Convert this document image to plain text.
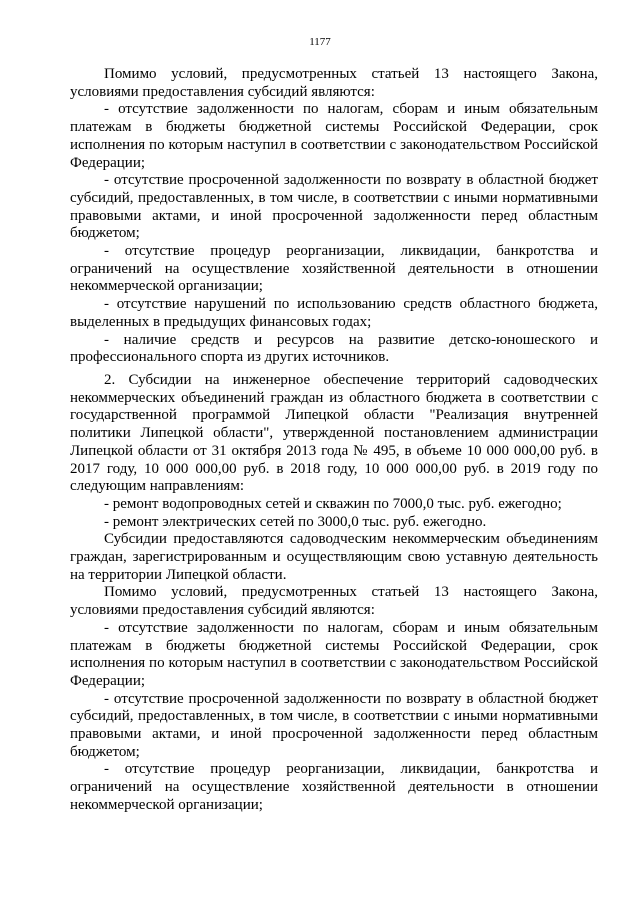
1177

Помимо условий, предусмотренных статьей 13 настоящего Закона, условиями предоставления субсидий являются:

- отсутствие задолженности по налогам, сборам и иным обязательным платежам в бюджеты бюджетной системы Российской Федерации, срок исполнения по которым наступил в соответствии с законодательством Российской Федерации;

- отсутствие просроченной задолженности по возврату в областной бюджет субсидий, предоставленных, в том числе, в соответствии с иными нормативными правовыми актами, и иной просроченной задолженности перед областным бюджетом;

- отсутствие процедур реорганизации, ликвидации, банкротства и ограничений на осуществление хозяйственной деятельности в отношении некоммерческой организации;

- отсутствие нарушений по использованию средств областного бюджета, выделенных в предыдущих финансовых годах;

- наличие средств и ресурсов на развитие детско-юношеского и профессионального спорта из других источников.

2. Субсидии на инженерное обеспечение территорий садоводческих некоммерческих объединений граждан из областного бюджета в соответствии с государственной программой Липецкой области "Реализация внутренней политики Липецкой области", утвержденной постановлением администрации Липецкой области от 31 октября 2013 года № 495, в объеме 10 000 000,00 руб. в 2017 году, 10 000 000,00 руб. в 2018 году, 10 000 000,00 руб. в 2019 году по следующим направлениям:

- ремонт водопроводных сетей и скважин по 7000,0 тыс. руб. ежегодно;

- ремонт электрических сетей по 3000,0 тыс. руб. ежегодно.

Субсидии предоставляются садоводческим некоммерческим объединениям граждан, зарегистрированным и осуществляющим свою уставную деятельность на территории Липецкой области.

Помимо условий, предусмотренных статьей 13 настоящего Закона, условиями предоставления субсидий являются:

- отсутствие задолженности по налогам, сборам и иным обязательным платежам в бюджеты бюджетной системы Российской Федерации, срок исполнения по которым наступил в соответствии с законодательством Российской Федерации;

- отсутствие просроченной задолженности по возврату в областной бюджет субсидий, предоставленных, в том числе, в соответствии с иными нормативными правовыми актами, и иной просроченной задолженности перед областным бюджетом;

- отсутствие процедур реорганизации, ликвидации, банкротства и ограничений на осуществление хозяйственной деятельности в отношении некоммерческой организации;
